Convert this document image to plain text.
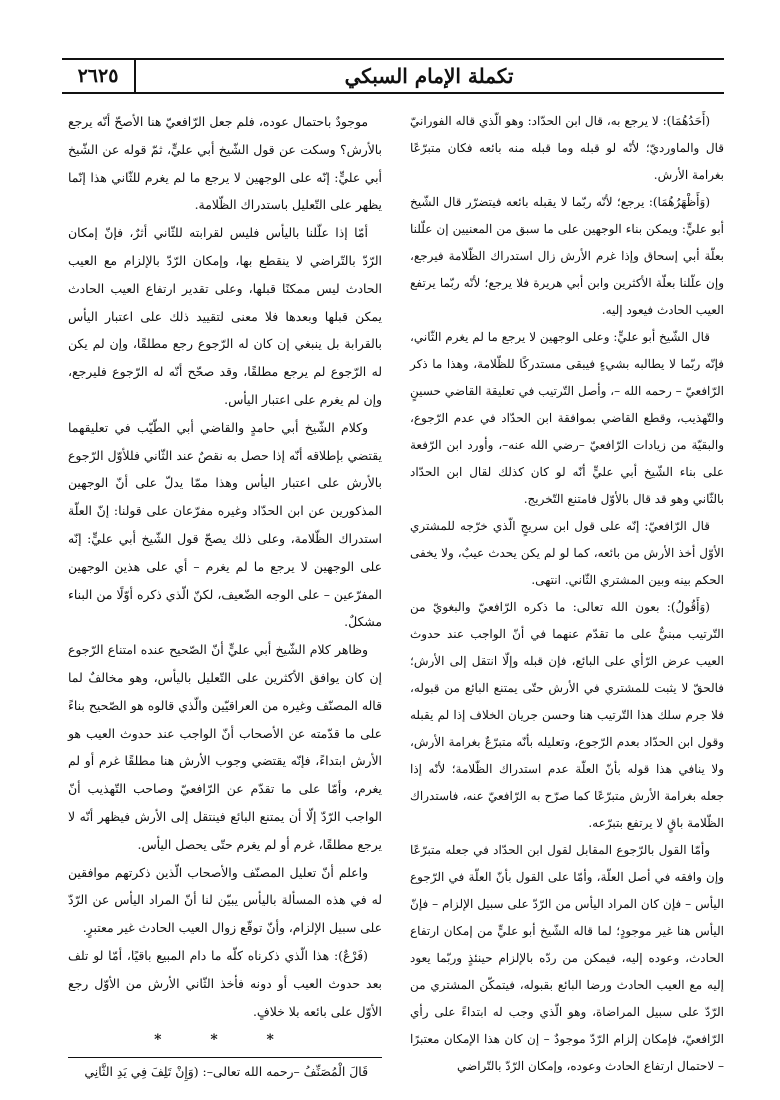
٢٦٢٥	تكملة الإمام السبكي

(أَحَدُهُمَا): لا يرجع به، قال ابن الحدّاد: وهو الّذي قاله الفورانيّ قال والماورديّ؛ لأنّه لو قبله وما قبله منه بائعه فكان متبرّعًا بغرامة الأرش.

(وَأَظْهَرُهُمَا): يرجع؛ لأنّه ربّما لا يقبله بائعه فيتضرّر قال الشّيخ أبو عليٍّ: ويمكن بناء الوجهين على ما سبق من المعنيين إن علّلنا بعلّة أبي إسحاق وإذا غرم الأرش زال استدراك الظّلامة فيرجع، وإن علّلنا بعلّة الأكثرين وابن أبي هريرة فلا يرجع؛ لأنّه ربّما يرتفع العيب الحادث فيعود إليه.

قال الشّيخ أبو عليٍّ: وعلى الوجهين لا يرجع ما لم يغرم الثّاني، فإنّه ربّما لا يطالبه بشيءٍ فيبقى مستدركًا للظّلامة، وهذا ما ذكر الرّافعيّ – رحمه الله –، وأصل التّرتيب في تعليقة القاضي حسينٍ والتّهذيب، وقطع القاضي بموافقة ابن الحدّاد في عدم الرّجوع، والبقيّة من زيادات الرّافعيّ –رضي الله عنه–، وأورد ابن الرّفعة على بناء الشّيخ أبي عليٍّ أنّه لو كان كذلك لقال ابن الحدّاد بالثّاني وهو قد قال بالأوّل فامتنع التّخريج.

قال الرّافعيّ: إنّه على قول ابن سريجٍ الّذي خرّجه للمشتري الأوّل أخذ الأرش من بائعه، كما لو لم يكن يحدث عيبٌ، ولا يخفى الحكم بينه وبين المشتري الثّاني. انتهى.

(وَأَقُولُ): بعون الله تعالى: ما ذكره الرّافعيّ والبغويّ من التّرتيب مبنيٌّ على ما تقدّم عنهما في أنّ الواجب عند حدوث العيب عرض الرّأي على البائع، فإن قبله وإلّا انتقل إلى الأرش؛ فالحقّ لا يثبت للمشتري في الأرش حتّى يمتنع البائع من قبوله، فلا جرم سلك هذا التّرتيب هنا وحسن جريان الخلاف إذا لم يقبله وقول ابن الحدّاد بعدم الرّجوع، وتعليله بأنّه متبرّعٌ بغرامة الأرش، ولا ينافي هذا قوله بأنّ العلّة عدم استدراك الظّلامة؛ لأنّه إذا جعله بغرامة الأرش متبرّعًا كما صرّح به الرّافعيّ عنه، فاستدراك الظّلامة باقٍ لا يرتفع بتبرّعه.

وأمّا القول بالرّجوع المقابل لقول ابن الحدّاد في جعله متبرّعًا وإن وافقه في أصل العلّة، وأمّا على القول بأنّ العلّة في الرّجوع اليأس – فإن كان المراد اليأس من الرّدّ على سبيل الإلزام – فإنّ اليأس هنا غير موجودٍ؛ لما قاله الشّيخ أبو عليٍّ من إمكان ارتفاع الحادث، وعوده إليه، فيمكن من ردّه بالإلزام حينئذٍ وربّما يعود إليه مع العيب الحادث ورضا البائع بقبوله، فيتمكّن المشتري من الرّدّ على سبيل المراضاة، وهو الّذي وجب له ابتداءً على رأي الرّافعيّ، فإمكان إلزام الرّدّ موجودٌ – إن كان هذا الإمكان معتبرًا – لاحتمال ارتفاع الحادث وعوده، وإمكان الرّدّ بالتّراضي

موجودٌ باحتمال عوده، فلم جعل الرّافعيّ هنا الأصحّ أنّه يرجع بالأرش؟ وسكت عن قول الشّيخ أبي عليٍّ، ثمّ قوله عن الشّيخ أبي عليٍّ: إنّه على الوجهين لا يرجع ما لم يغرم للثّاني هذا إنّما يظهر على التّعليل باستدراك الظّلامة.

أمّا إذا علّلنا باليأس فليس لقرابته للثّاني أثرٌ، فإنّ إمكان الرّدّ بالتّراضي لا ينقطع بها، وإمكان الرّدّ بالإلزام مع العيب الحادث ليس ممكنًا قبلها، وعلى تقدير ارتفاع العيب الحادث يمكن قبلها وبعدها فلا معنى لتقييد ذلك على اعتبار اليأس بالقرابة بل ينبغي إن كان له الرّجوع رجع مطلقًا، وإن لم يكن له الرّجوع لم يرجع مطلقًا، وقد صحّح أنّه له الرّجوع فليرجع، وإن لم يغرم على اعتبار اليأس.

وكلام الشّيخ أبي حامدٍ والقاضي أبي الطّيّب في تعليقهما يقتضي بإطلاقه أنّه إذا حصل به نقصٌ عند الثّاني فللأوّل الرّجوع بالأرش على اعتبار اليأس وهذا ممّا يدلّ على أنّ الوجهين المذكورين عن ابن الحدّاد وغيره مفرّعان على قولنا: إنّ العلّة استدراك الظّلامة، وعلى ذلك يصحّ قول الشّيخ أبي عليٍّ: إنّه على الوجهين لا يرجع ما لم يغرم – أي على هذين الوجهين المفرّعين – على الوجه الضّعيف، لكنّ الّذي ذكره أوّلًا من البناء مشكلٌ.

وظاهر كلام الشّيخ أبي عليٍّ أنّ الصّحيح عنده امتناع الرّجوع إن كان يوافق الأكثرين على التّعليل باليأس، وهو مخالفٌ لما قاله المصنّف وغيره من العراقيّين والّذي قالوه هو الصّحيح بناءً على ما قدّمته عن الأصحاب أنّ الواجب عند حدوث العيب هو الأرش ابتداءً، فإنّه يقتضي وجوب الأرش هنا مطلقًا غرم أو لم يغرم، وأمّا على ما تقدّم عن الرّافعيّ وصاحب التّهذيب أنّ الواجب الرّدّ إلّا أن يمتنع البائع فينتقل إلى الأرش فيظهر أنّه لا يرجع مطلقًا، غرم أو لم يغرم حتّى يحصل اليأس.

واعلم أنّ تعليل المصنّف والأصحاب الّذين ذكرتهم موافقين له في هذه المسألة باليأس يبيّن لنا أنّ المراد اليأس عن الرّدّ على سبيل الإلزام، وأنّ توقّع زوال العيب الحادث غير معتبرٍ.

(فَرْعٌ): هذا الّذي ذكرناه كلّه ما دام المبيع باقيًا، أمّا لو تلف بعد حدوث العيب أو دونه فأخذ الثّاني الأرش من الأوّل رجع الأوّل على بائعه بلا خلافٍ.

* * *

قَالَ الْمُصَنِّفُ –رحمه الله تعالى–: (وَإِنْ تَلِفَ فِي يَدِ الثَّانِي
